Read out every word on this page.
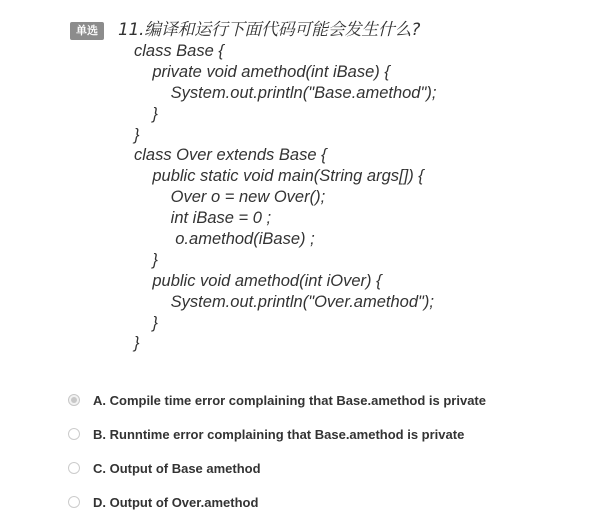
单选	11.编译和运行下面代码可能会发生什么?
class Base {
private void amethod(int iBase) {
System.out.println("Base.amethod");
}
}
class Over extends Base {
public static void main(String args[]) {
Over o = new Over();
int iBase = 0 ;
o.amethod(iBase) ;
}
public void amethod(int iOver) {
System.out.println("Over.amethod");
}
}
A. Compile time error complaining that Base.amethod is private
B. Runntime error complaining that Base.amethod is private
C. Output of Base amethod
D. Output of Over.amethod
